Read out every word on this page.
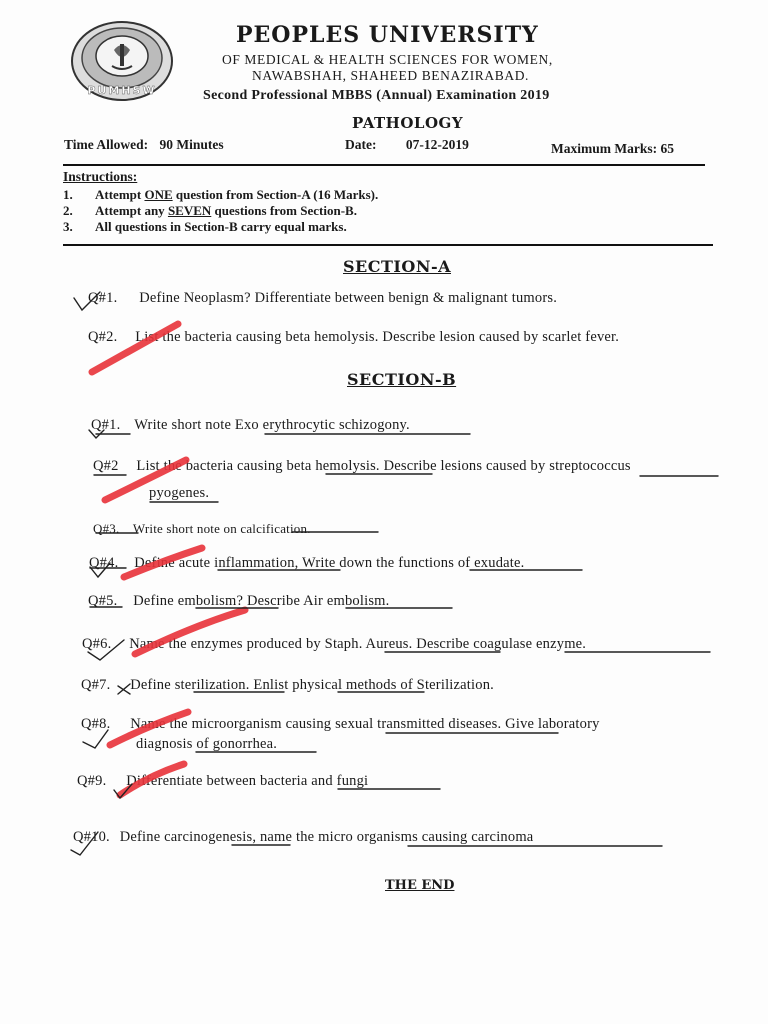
PUMHSW
PEOPLES UNIVERSITY
OF MEDICAL & HEALTH SCIENCES FOR WOMEN,
NAWABSHAH, SHAHEED BENAZIRABAD.
Second Professional MBBS (Annual) Examination 2019
PATHOLOGY
Time Allowed: 90 Minutes	Date: 07-12-2019	Maximum Marks: 65
Instructions:
1. Attempt ONE question from Section-A (16 Marks).
2. Attempt any SEVEN questions from Section-B.
3. All questions in Section-B carry equal marks.
SECTION-A
Q#1. Define Neoplasm? Differentiate between benign & malignant tumors.
Q#2. List the bacteria causing beta hemolysis. Describe lesion caused by scarlet fever.
SECTION-B
Q#1. Write short note Exo erythrocytic schizogony.
Q#2 List the bacteria causing beta hemolysis. Describe lesions caused by streptococcus
pyogenes.
Q#3. Write short note on calcification.
Q#4. Define acute inflammation, Write down the functions of exudate.
Q#5. Define embolism? Describe Air embolism.
Q#6. Name the enzymes produced by Staph. Aureus. Describe coagulase enzyme.
Q#7. Define sterilization. Enlist physical methods of Sterilization.
Q#8. Name the microorganism causing sexual transmitted diseases. Give laboratory
diagnosis of gonorrhea.
Q#9. Differentiate between bacteria and fungi
Q#10. Define carcinogenesis, name the micro organisms causing carcinoma
THE END
